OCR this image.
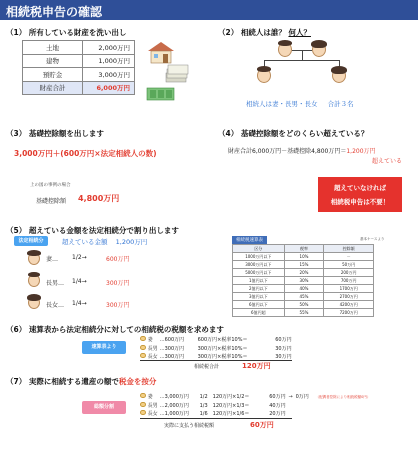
相続税申告の確認
（1） 所有している財産を洗い出し
土地	2,000万円
建物	1,000万円
預貯金	3,000万円
財産合計	6,000万円
（2） 相続人は誰？ 何人？
相続人は妻・長男・長女 合計３名
（3） 基礎控除額を出します
3,000万円＋(600万円×法定相続人の数)
上の図の事例の場合
基礎控除額 4,800万円
（4） 基礎控除額をどのくらい超えている？
財産合計6,000万円－基礎控除4,800万円＝1,200万円
超えている
超えていなければ
相続税申告は不要！
（5） 超えている金額を法定相続分で割り出します
超えている金額 1,200万円
法定相続分
妻… 1/2→	600万円
長男… 1/4→	300万円
長女… 1/4→	300万円
相続税速算表	基本ケースより
区分	税率	控除額
1000万円以下	10%	－
3000万円以下	15%	50万円
5000万円以下	20%	200万円
1億円以下	30%	700万円
2億円以下	40%	1700万円
3億円以下	45%	2700万円
6億円以下	50%	4200万円
6億円超	55%	7200万円
（6） 速算表から法定相続分に対しての相続税の税額を求めます
速算表より
妻 …600万円	600万円×税率10%＝	60万円
長男 …300万円	300万円×税率10%＝	30万円
長女 …300万円	300万円×税率10%＝	30万円
相続税合計	120万円
（7） 実際に相続する遺産の額で税金を按分
総額分割
妻 …3,000万円 1/2　120万円×1/2＝	60万円 → 0万円 （配偶者控除により相続税額0円）
長男 …2,000万円 1/3　120万円×1/3＝	40万円
長女 …1,000万円 1/6　120万円×1/6＝	20万円
実際に支払う相続税額	60万円
